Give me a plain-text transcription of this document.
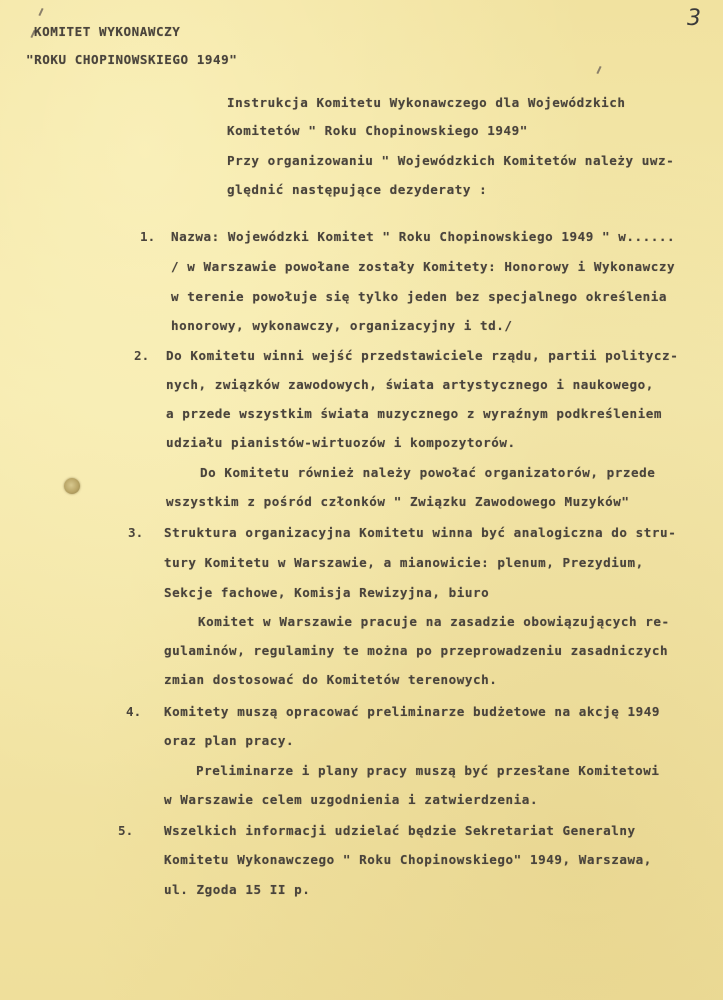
3
KOMITET WYKONAWCZY
"ROKU CHOPINOWSKIEGO 1949"
Instrukcja Komitetu Wykonawczego dla Wojewódzkich
Komitetów " Roku Chopinowskiego 1949"
Przy organizowaniu " Wojewódzkich Komitetów należy uwz-
ględnić następujące dezyderaty :
1. Nazwa: Wojewódzki Komitet " Roku Chopinowskiego 1949 " w......
/ w Warszawie powołane zostały Komitety: Honorowy i Wykonawczy
w terenie powołuje się tylko jeden bez specjalnego określenia
honorowy, wykonawczy, organizacyjny i td./
2. Do Komitetu winni wejść przedstawiciele rządu, partii politycz-
nych, związków zawodowych, świata artystycznego i naukowego,
a przede wszystkim świata muzycznego z wyraźnym podkreśleniem
udziału pianistów-wirtuozów i kompozytorów.
Do Komitetu również należy powołać organizatorów, przede
wszystkim z pośród członków " Związku Zawodowego Muzyków"
3. Struktura organizacyjna Komitetu winna być analogiczna do stru-
tury Komitetu w Warszawie, a mianowicie: plenum, Prezydium,
Sekcje fachowe, Komisja Rewizyjna, biuro
Komitet w Warszawie pracuje na zasadzie obowiązujących re-
gulaminów, regulaminy te można po przeprowadzeniu zasadniczych
zmian dostosować do Komitetów terenowych.
4. Komitety muszą opracować preliminarze budżetowe na akcję 1949
oraz plan pracy.
Preliminarze i plany pracy muszą być przesłane Komitetowi
w Warszawie celem uzgodnienia i zatwierdzenia.
5. Wszelkich informacji udzielać będzie Sekretariat Generalny
Komitetu Wykonawczego " Roku Chopinowskiego" 1949, Warszawa,
ul. Zgoda 15 II p.
